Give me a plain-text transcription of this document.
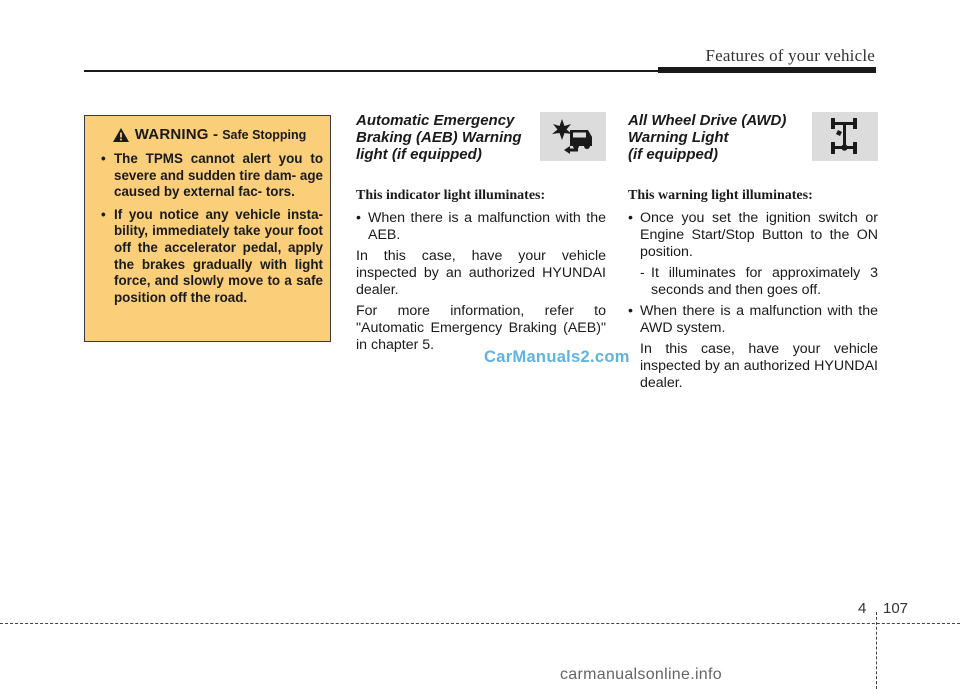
Features of your vehicle
WARNING - Safe Stopping
• The TPMS cannot alert you to severe and sudden tire dam- age caused by external fac- tors.
• If you notice any vehicle insta- bility, immediately take your foot off the accelerator pedal, apply the brakes gradually with light force, and slowly move to a safe position off the road.
Automatic Emergency
Braking (AEB) Warning
light (if equipped)
This indicator light illuminates:
• When there is a malfunction with the AEB.
In this case, have your vehicle inspected by an authorized HYUNDAI dealer.
For more information, refer to "Automatic Emergency Braking (AEB)" in chapter 5.
All Wheel Drive (AWD)
Warning Light
(if equipped)
This warning light illuminates:
• Once you set the ignition switch or Engine Start/Stop Button to the ON position.
- It illuminates for approximately 3 seconds and then goes off.
• When there is a malfunction with the AWD system.
In this case, have your vehicle inspected by an authorized HYUNDAI dealer.
CarManuals2.com
4 107
carmanualsonline.info
